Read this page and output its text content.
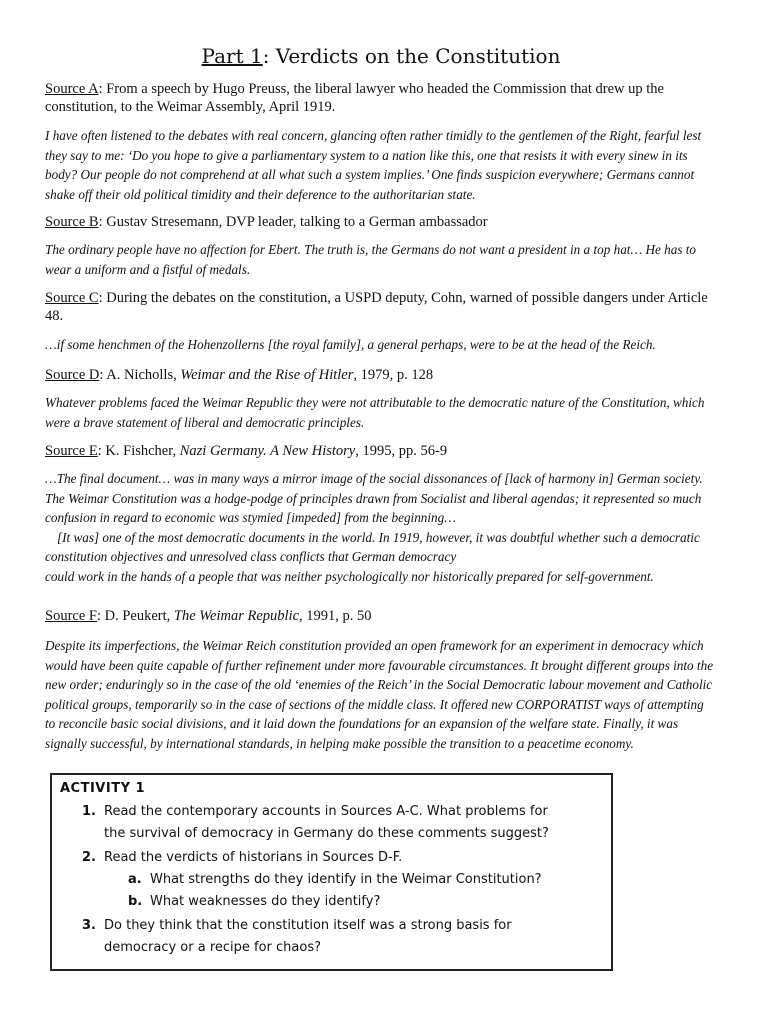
Part 1: Verdicts on the Constitution

Source A: From a speech by Hugo Preuss, the liberal lawyer who headed the Commission that drew up the constitution, to the Weimar Assembly, April 1919.

I have often listened to the debates with real concern, glancing often rather timidly to the gentlemen of the Right, fearful lest they say to me: ‘Do you hope to give a parliamentary system to a nation like this, one that resists it with every sinew in its body? Our people do not comprehend at all what such a system implies.’ One finds suspicion everywhere; Germans cannot shake off their old political timidity and their deference to the authoritarian state.

Source B: Gustav Stresemann, DVP leader, talking to a German ambassador

The ordinary people have no affection for Ebert. The truth is, the Germans do not want a president in a top hat… He has to wear a uniform and a fistful of medals.

Source C: During the debates on the constitution, a USPD deputy, Cohn, warned of possible dangers under Article 48.

…if some henchmen of the Hohenzollerns [the royal family], a general perhaps, were to be at the head of the Reich.

Source D: A. Nicholls, Weimar and the Rise of Hitler, 1979, p. 128

Whatever problems faced the Weimar Republic they were not attributable to the democratic nature of the Constitution, which were a brave statement of liberal and democratic principles.

Source E: K. Fishcher, Nazi Germany. A New History, 1995, pp. 56-9

…The final document… was in many ways a mirror image of the social dissonances of [lack of harmony in] German society. The Weimar Constitution was a hodge-podge of principles drawn from Socialist and liberal agendas; it represented so much confusion in regard to economic was stymied [impeded] from the beginning…

[It was] one of the most democratic documents in the world. In 1919, however, it was doubtful whether such a democratic constitution objectives and unresolved class conflicts that German democracy

could work in the hands of a people that was neither psychologically nor historically prepared for self-government.

Source F: D. Peukert, The Weimar Republic, 1991, p. 50

Despite its imperfections, the Weimar Reich constitution provided an open framework for an experiment in democracy which would have been quite capable of further refinement under more favourable circumstances. It brought different groups into the new order; enduringly so in the case of the old ‘enemies of the Reich’ in the Social Democratic labour movement and Catholic political groups, temporarily so in the case of sections of the middle class. It offered new CORPORATIST ways of attempting to reconcile basic social divisions, and it laid down the foundations for an expansion of the welfare state. Finally, it was signally successful, by international standards, in helping make possible the transition to a peacetime economy.

ACTIVITY 1
1. Read the contemporary accounts in Sources A-C. What problems for
the survival of democracy in Germany do these comments suggest?
2. Read the verdicts of historians in Sources D-F.
a. What strengths do they identify in the Weimar Constitution?
b. What weaknesses do they identify?
3. Do they think that the constitution itself was a strong basis for
democracy or a recipe for chaos?
